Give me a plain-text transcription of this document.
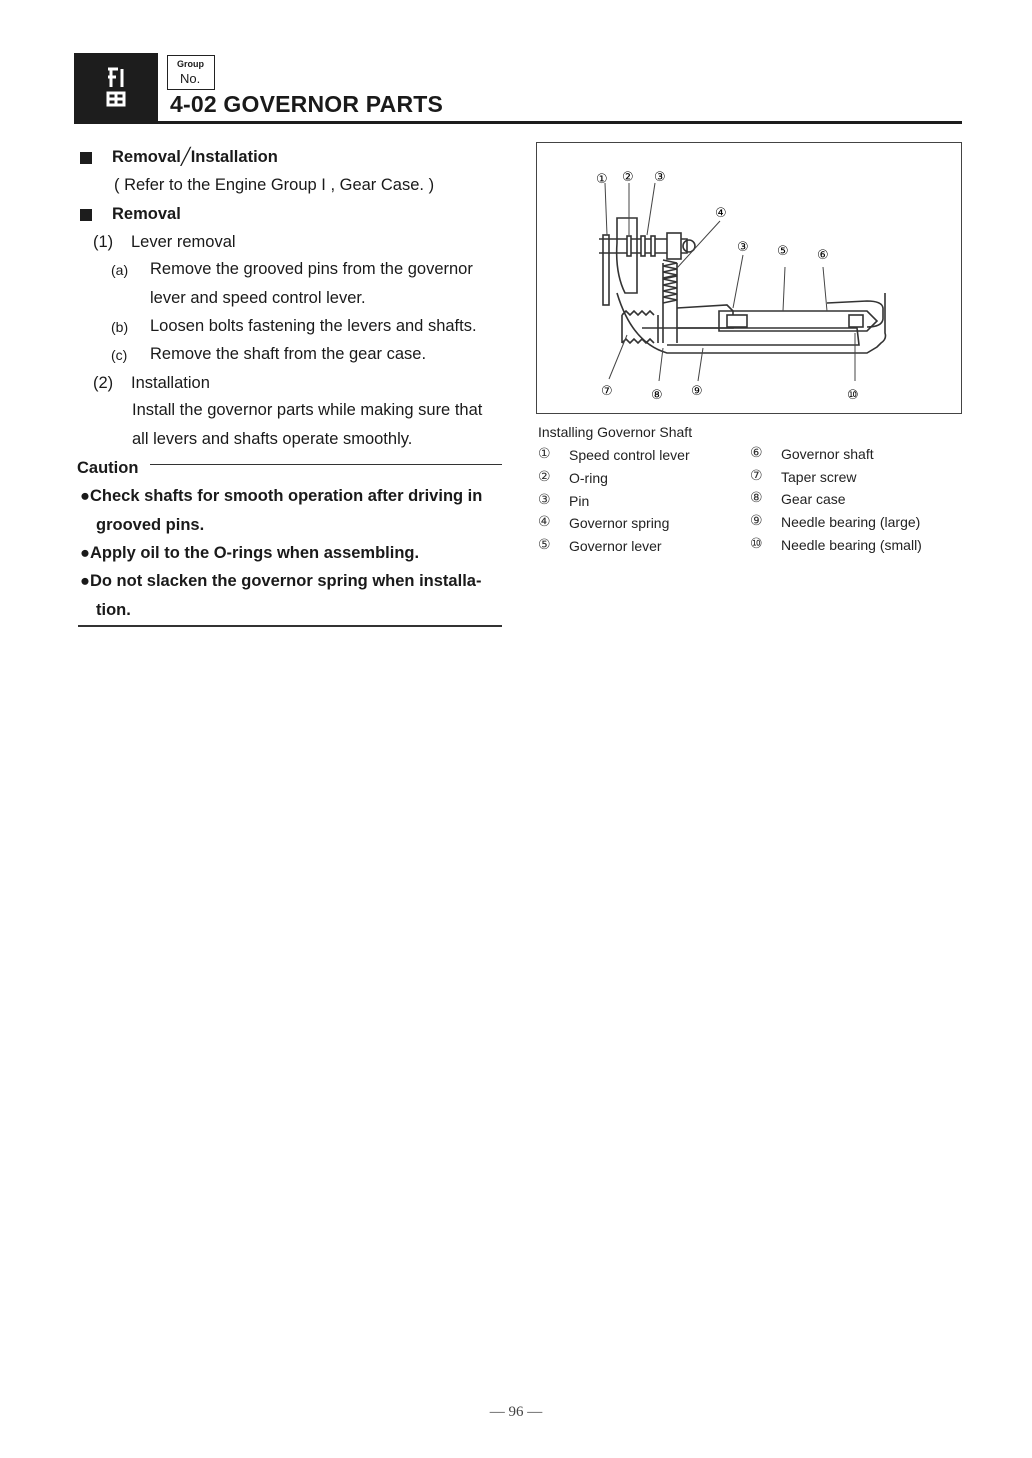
Group
No.
4-02 GOVERNOR PARTS
Removal╱Installation
( Refer to the Engine Group I , Gear Case. )
Removal
(1) Lever removal
(a) Remove the grooved pins from the governor
lever and speed control lever.
(b) Loosen bolts fastening the levers and shafts.
(c) Remove the shaft from the gear case.
(2) Installation
Install the governor parts while making sure that
all levers and shafts operate smoothly.
Caution
●Check shafts for smooth operation after driving in
grooved pins.
●Apply oil to the O-rings when assembling.
●Do not slacken the governor spring when installa-
tion.
① ② ③
④
③ ⑤ ⑥
⑦	⑧ ⑨	⑩
Installing Governor Shaft
① Speed control lever
② O-ring
③ Pin
④ Governor spring
⑤ Governor lever
⑥ Governor shaft
⑦ Taper screw
⑧ Gear case
⑨ Needle bearing (large)
⑩ Needle bearing (small)
— 96 —
